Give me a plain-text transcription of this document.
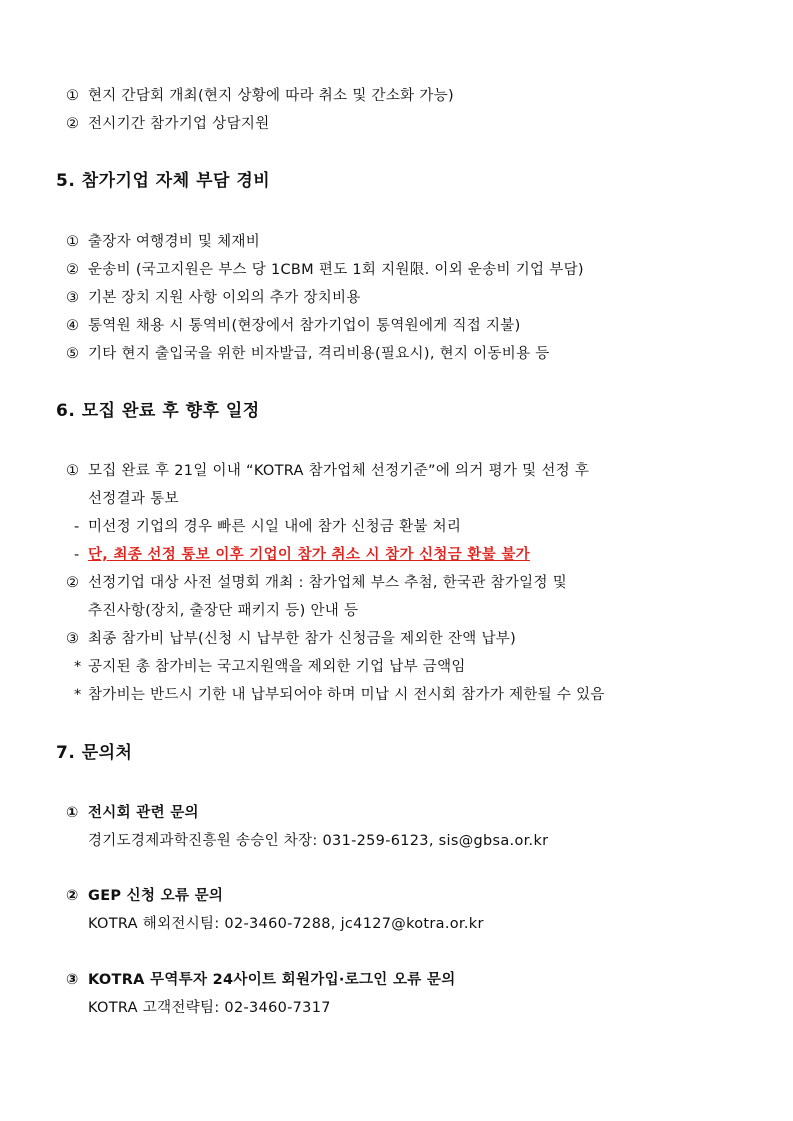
① 현지 간담회 개최(현지 상황에 따라 취소 및 간소화 가능)
② 전시기간 참가기업 상담지원
5. 참가기업 자체 부담 경비
① 출장자 여행경비 및 체재비
② 운송비 (국고지원은 부스 당 1CBM 편도 1회 지원限. 이외 운송비 기업 부담)
③ 기본 장치 지원 사항 이외의 추가 장치비용
④ 통역원 채용 시 통역비(현장에서 참가기업이 통역원에게 직접 지불)
⑤ 기타 현지 출입국을 위한 비자발급, 격리비용(필요시), 현지 이동비용 등
6. 모집 완료 후 향후 일정
① 모집 완료 후 21일 이내 “KOTRA 참가업체 선정기준”에 의거 평가 및 선정 후
선정결과 통보
- 미선정 기업의 경우 빠른 시일 내에 참가 신청금 환불 처리
- 단, 최종 선정 통보 이후 기업이 참가 취소 시 참가 신청금 환불 불가
② 선정기업 대상 사전 설명회 개최 : 참가업체 부스 추첨, 한국관 참가일정 및
추진사항(장치, 출장단 패키지 등) 안내 등
③ 최종 참가비 납부(신청 시 납부한 참가 신청금을 제외한 잔액 납부)
* 공지된 총 참가비는 국고지원액을 제외한 기업 납부 금액임
* 참가비는 반드시 기한 내 납부되어야 하며 미납 시 전시회 참가가 제한될 수 있음
7. 문의처
① 전시회 관련 문의
경기도경제과학진흥원 송승인 차장: 031-259-6123, sis@gbsa.or.kr
② GEP 신청 오류 문의
KOTRA 해외전시팀: 02-3460-7288, jc4127@kotra.or.kr
③ KOTRA 무역투자 24사이트 회원가입·로그인 오류 문의
KOTRA 고객전략팀: 02-3460-7317
